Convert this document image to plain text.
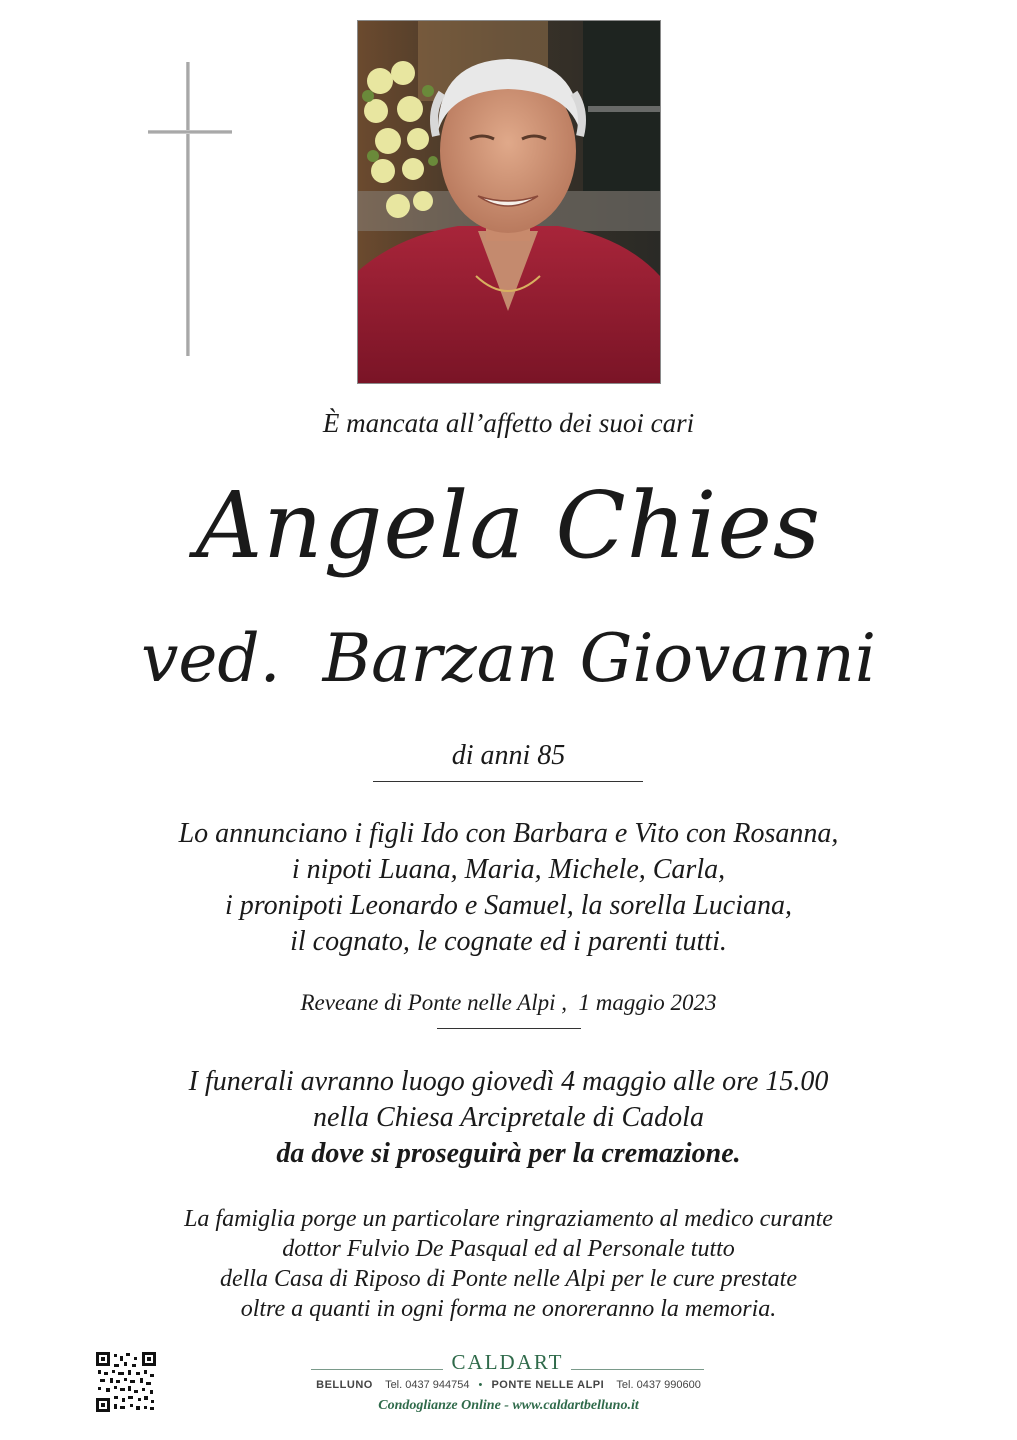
È mancata all’affetto dei suoi cari
Angela Chies
ved.  Barzan Giovanni
di anni 85
Lo annunciano i figli Ido con Barbara e Vito con Rosanna,
i nipoti Luana, Maria, Michele, Carla,
i pronipoti Leonardo e Samuel, la sorella Luciana,
il cognato, le cognate ed i parenti tutti.
Reveane di Ponte nelle Alpi ,  1 maggio 2023
I funerali avranno luogo giovedì 4 maggio alle ore 15.00
nella Chiesa Arcipretale di Cadola
da dove si proseguirà per la cremazione.
La famiglia porge un particolare ringraziamento al medico curante
dottor Fulvio De Pasqual ed al Personale tutto
della Casa di Riposo di Ponte nelle Alpi per le cure prestate
oltre a quanti in ogni forma ne onoreranno la memoria.
CALDART
BELLUNO Tel. 0437 944754 • PONTE NELLE ALPI Tel. 0437 990600
Condoglianze Online - www.caldartbelluno.it
